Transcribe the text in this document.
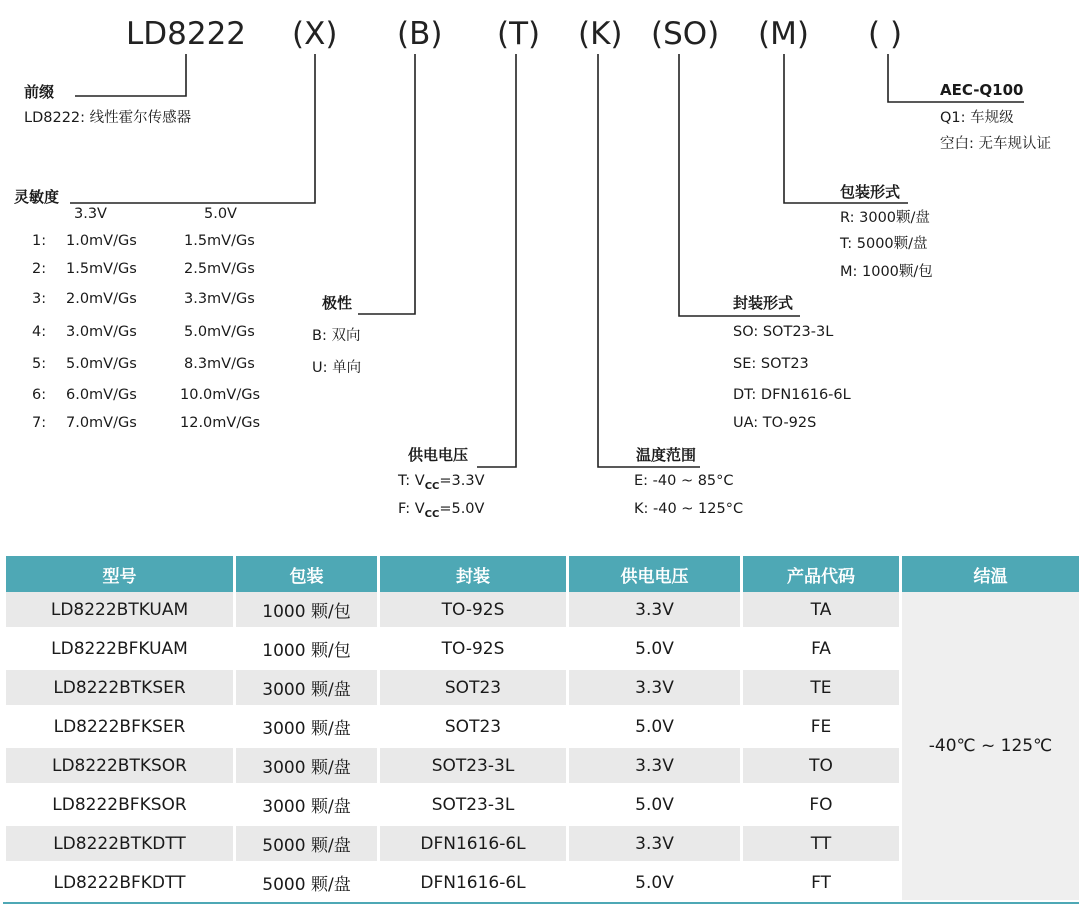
LD8222 (X) (B) (T) (K) (SO) (M) ( )
前缀
LD8222: 线性霍尔传感器
灵敏度
3.3V	5.0V
1: 1.0mV/Gs	1.5mV/Gs
2: 1.5mV/Gs	2.5mV/Gs
3: 2.0mV/Gs	3.3mV/Gs
4: 3.0mV/Gs	5.0mV/Gs
5: 5.0mV/Gs	8.3mV/Gs
6: 6.0mV/Gs	10.0mV/Gs
7: 7.0mV/Gs	12.0mV/Gs
极性
B: 双向
U: 单向
供电电压
T: $V_{CC}=3.3V$
F: $V_{CC}=5.0V$
温度范围
E: -40 ~ 85°C
K: -40 ~ 125°C
封装形式
SO: SOT23-3L
SE: SOT23
DT: DFN1616-6L
UA: TO-92S
包装形式
R: 3000颗/盘
T: 5000颗/盘
M: 1000颗/包
AEC-Q100
Q1: 车规级
空白: 无车规认证
型号	包装	封装	供电电压	产品代码	结温
LD8222BTKUAM	1000 颗/包	TO-92S	3.3V	TA	-40℃ ~ 125℃
LD8222BFKUAM	1000 颗/包	TO-92S	5.0V	FA	
LD8222BTKSER	3000 颗/盘	SOT23	3.3V	TE	
LD8222BFKSER	3000 颗/盘	SOT23	5.0V	FE	
LD8222BTKSOR	3000 颗/盘	SOT23-3L	3.3V	TO	
LD8222BFKSOR	3000 颗/盘	SOT23-3L	5.0V	FO	
LD8222BTKDTT	5000 颗/盘	DFN1616-6L	3.3V	TT	
LD8222BFKDTT	5000 颗/盘	DFN1616-6L	5.0V	FT	
